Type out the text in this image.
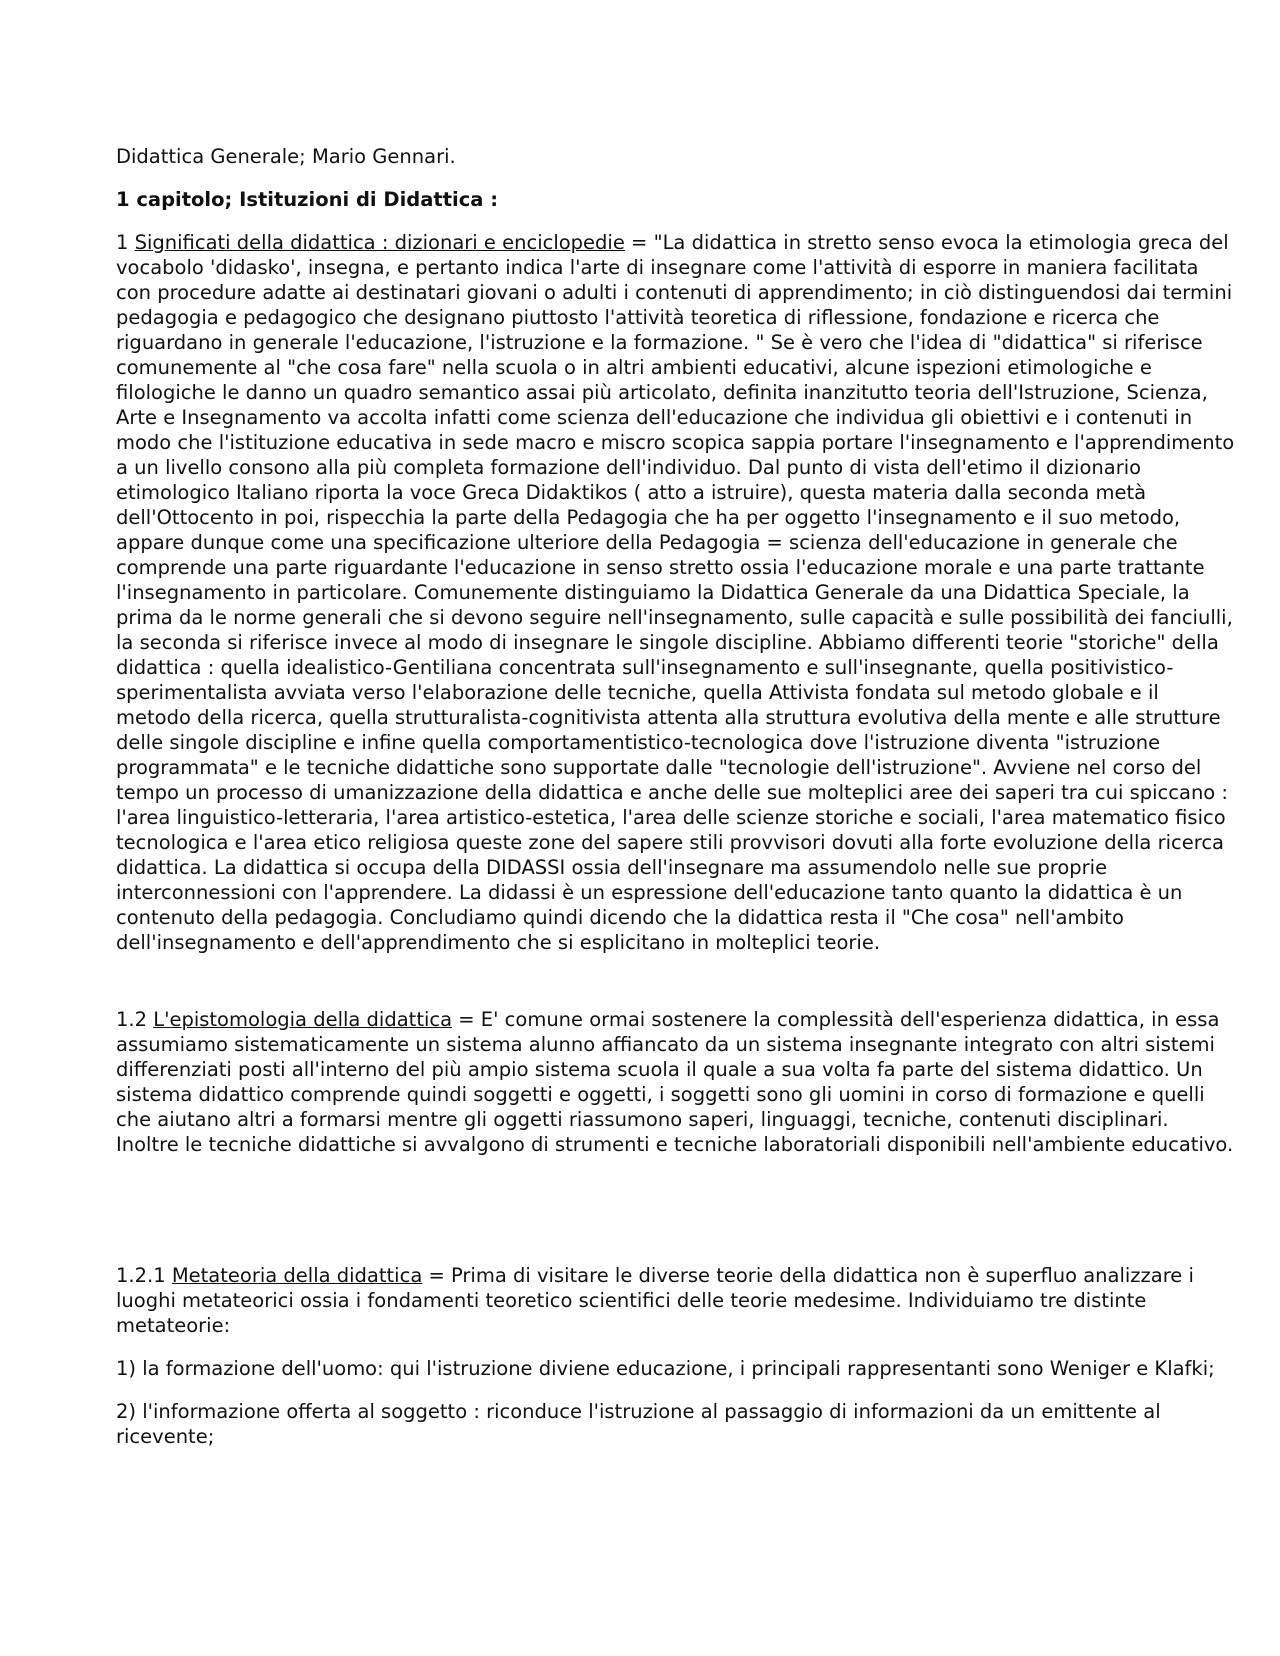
Didattica Generale; Mario Gennari.

1 capitolo; Istituzioni di Didattica :

1 Significati della didattica : dizionari e enciclopedie = "La didattica in stretto senso evoca la etimologia greca del vocabolo 'didasko', insegna, e pertanto indica l'arte di insegnare come l'attività di esporre in maniera facilitata con procedure adatte ai destinatari giovani o adulti i contenuti di apprendimento; in ciò distinguendosi dai termini pedagogia e pedagogico che designano piuttosto l'attività teoretica di riflessione, fondazione e ricerca che riguardano in generale l'educazione, l'istruzione e la formazione. " Se è vero che l'idea di "didattica" si riferisce comunemente al "che cosa fare" nella scuola o in altri ambienti educativi, alcune ispezioni etimologiche e filologiche le danno un quadro semantico assai più articolato, definita inanzitutto teoria dell'Istruzione, Scienza, Arte e Insegnamento va accolta infatti come scienza dell'educazione che individua gli obiettivi e i contenuti in modo che l'istituzione educativa in sede macro e miscro scopica sappia portare l'insegnamento e l'apprendimento a un livello consono alla più completa formazione dell'individuo. Dal punto di vista dell'etimo il dizionario etimologico Italiano riporta la voce Greca Didaktikos ( atto a istruire), questa materia dalla seconda metà dell'Ottocento in poi, rispecchia la parte della Pedagogia che ha per oggetto l'insegnamento e il suo metodo, appare dunque come una specificazione ulteriore della Pedagogia = scienza dell'educazione in generale che comprende una parte riguardante l'educazione in senso stretto ossia l'educazione morale e una parte trattante l'insegnamento in particolare. Comunemente distinguiamo la Didattica Generale da una Didattica Speciale, la prima da le norme generali che si devono seguire nell'insegnamento, sulle capacità e sulle possibilità dei fanciulli, la seconda si riferisce invece al modo di insegnare le singole discipline. Abbiamo differenti teorie "storiche" della didattica : quella idealistico-Gentiliana concentrata sull'insegnamento e sull'insegnante, quella positivistico-sperimentalista avviata verso l'elaborazione delle tecniche, quella Attivista fondata sul metodo globale e il metodo della ricerca, quella strutturalista-cognitivista attenta alla struttura evolutiva della mente e alle strutture delle singole discipline e infine quella comportamentistico-tecnologica dove l'istruzione diventa "istruzione programmata" e le tecniche didattiche sono supportate dalle "tecnologie dell'istruzione". Avviene nel corso del tempo un processo di umanizzazione della didattica e anche delle sue molteplici aree dei saperi tra cui spiccano : l'area linguistico-letteraria, l'area artistico-estetica, l'area delle scienze storiche e sociali, l'area matematico fisico tecnologica e l'area etico religiosa queste zone del sapere stili provvisori dovuti alla forte evoluzione della ricerca didattica. La didattica si occupa della DIDASSI ossia dell'insegnare ma assumendolo nelle sue proprie interconnessioni con l'apprendere. La didassi è un espressione dell'educazione tanto quanto la didattica è un contenuto della pedagogia. Concludiamo quindi dicendo che la didattica resta il "Che cosa" nell'ambito dell'insegnamento e dell'apprendimento che si esplicitano in molteplici teorie.

1.2 L'epistomologia della didattica = E' comune ormai sostenere la complessità dell'esperienza didattica, in essa assumiamo sistematicamente un sistema alunno affiancato da un sistema insegnante integrato con altri sistemi differenziati posti all'interno del più ampio sistema scuola il quale a sua volta fa parte del sistema didattico. Un sistema didattico comprende quindi soggetti e oggetti, i soggetti sono gli uomini in corso di formazione e quelli che aiutano altri a formarsi mentre gli oggetti riassumono saperi, linguaggi, tecniche, contenuti disciplinari. Inoltre le tecniche didattiche si avvalgono di strumenti e tecniche laboratoriali disponibili nell'ambiente educativo.

1.2.1 Metateoria della didattica = Prima di visitare le diverse teorie della didattica non è superfluo analizzare i luoghi metateorici ossia i fondamenti teoretico scientifici delle teorie medesime. Individuiamo tre distinte metateorie:

1) la formazione dell'uomo: qui l'istruzione diviene educazione, i principali rappresentanti sono Weniger e Klafki;

2) l'informazione offerta al soggetto : riconduce l'istruzione al passaggio di informazioni da un emittente al ricevente;
